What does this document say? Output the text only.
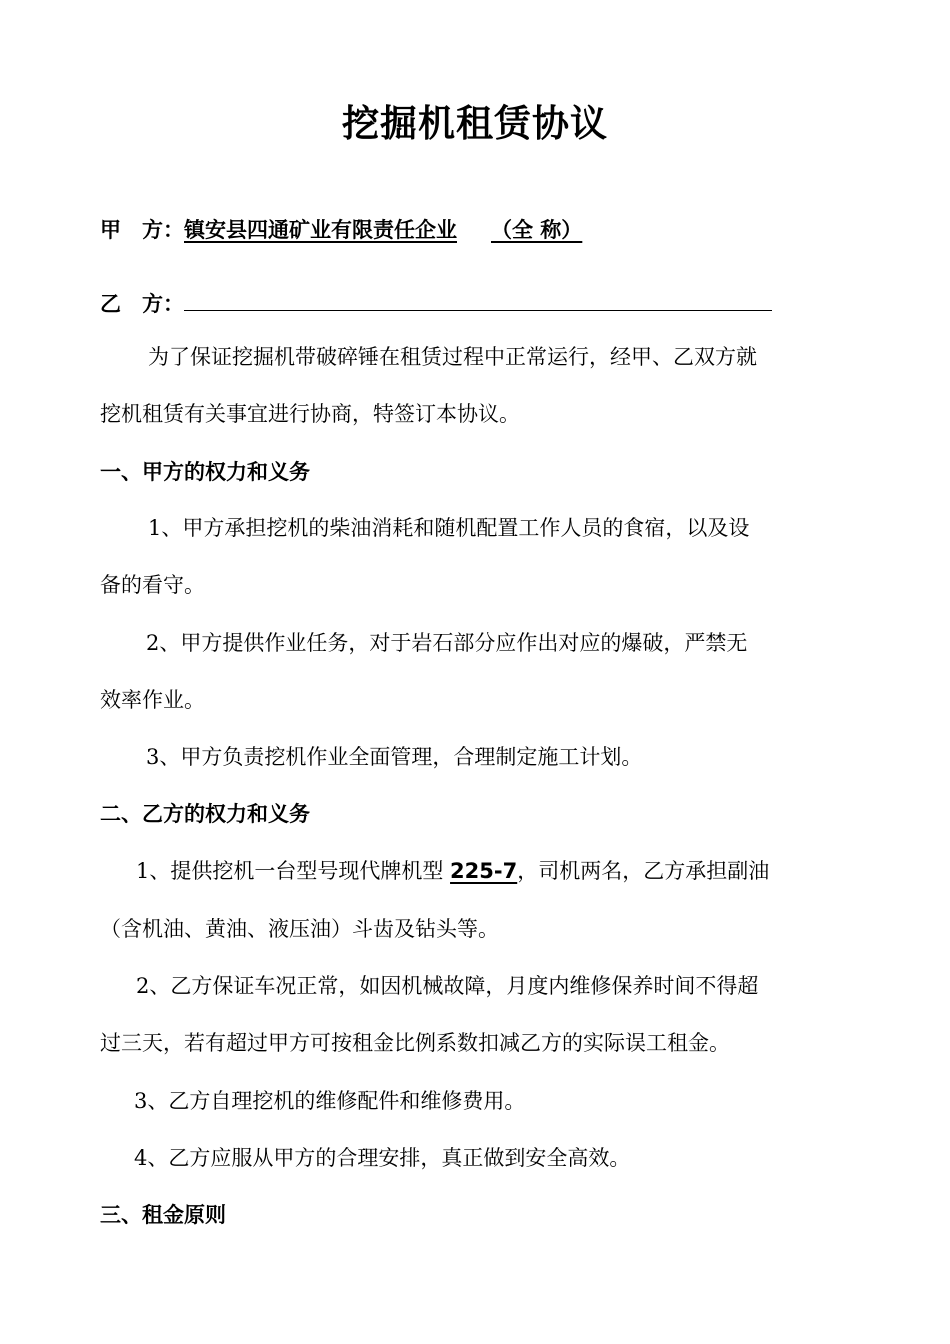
挖掘机租赁协议
甲　方：镇安县四通矿业有限责任企业 （全 称）
乙　方：
为了保证挖掘机带破碎锤在租赁过程中正常运行，经甲、乙双方就
挖机租赁有关事宜进行协商，特签订本协议。
一、甲方的权力和义务
1、甲方承担挖机的柴油消耗和随机配置工作人员的食宿，以及设
备的看守。
2、甲方提供作业任务，对于岩石部分应作出对应的爆破，严禁无
效率作业。
3、甲方负责挖机作业全面管理，合理制定施工计划。
二、乙方的权力和义务
1、提供挖机一台型号现代牌机型 225-7，司机两名，乙方承担副油
（含机油、黄油、液压油）斗齿及钻头等。
2、乙方保证车况正常，如因机械故障，月度内维修保养时间不得超
过三天，若有超过甲方可按租金比例系数扣减乙方的实际误工租金。
3、乙方自理挖机的维修配件和维修费用。
4、乙方应服从甲方的合理安排，真正做到安全高效。
三、租金原则
